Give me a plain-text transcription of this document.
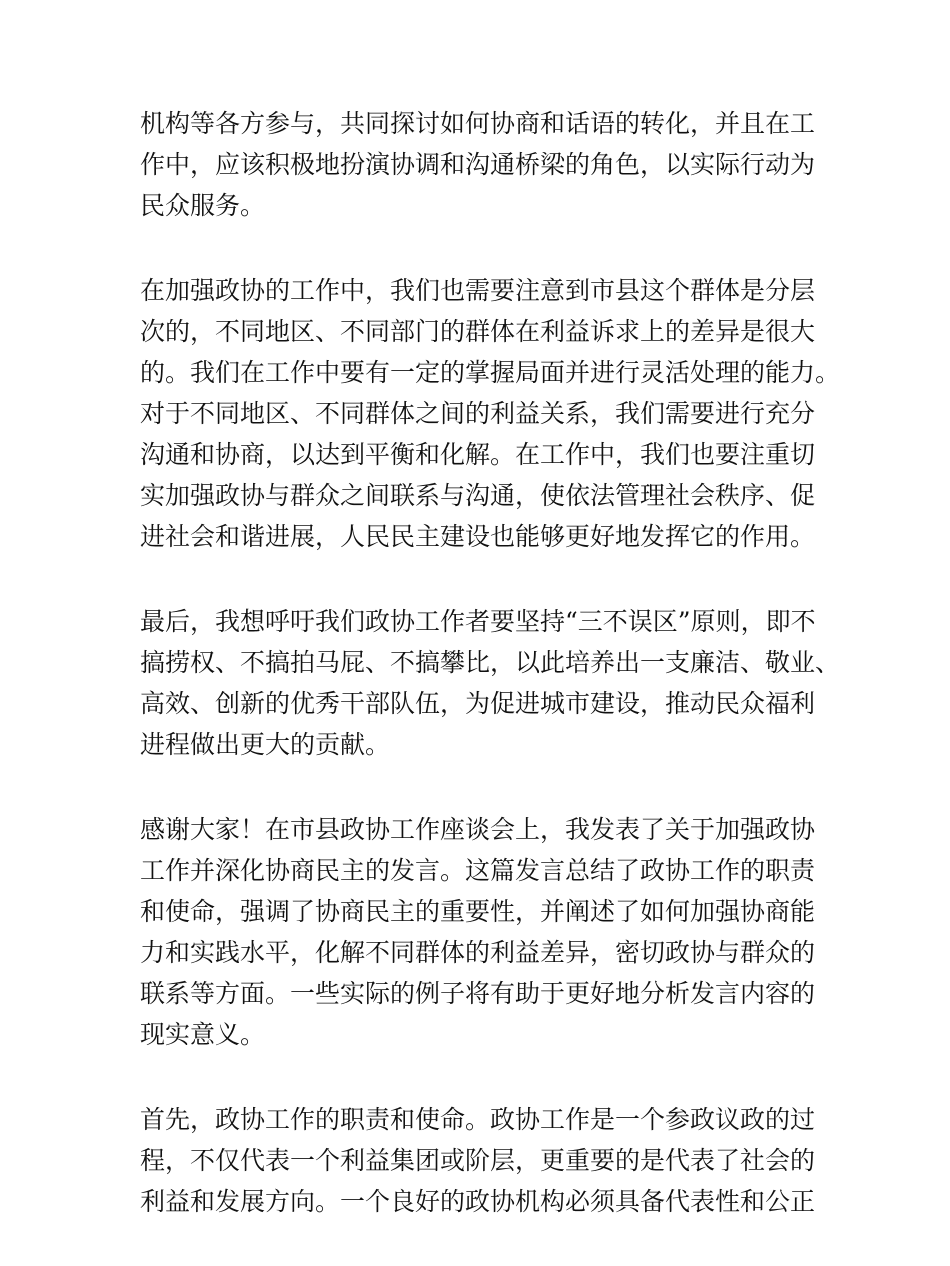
机构等各方参与，共同探讨如何协商和话语的转化，并且在工
作中，应该积极地扮演协调和沟通桥梁的角色，以实际行动为
民众服务。

在加强政协的工作中，我们也需要注意到市县这个群体是分层
次的，不同地区、不同部门的群体在利益诉求上的差异是很大
的。我们在工作中要有一定的掌握局面并进行灵活处理的能力。
对于不同地区、不同群体之间的利益关系，我们需要进行充分
沟通和协商，以达到平衡和化解。在工作中，我们也要注重切
实加强政协与群众之间联系与沟通，使依法管理社会秩序、促
进社会和谐进展，人民民主建设也能够更好地发挥它的作用。

最后，我想呼吁我们政协工作者要坚持“三不误区”原则，即不
搞捞权、不搞拍马屁、不搞攀比，以此培养出一支廉洁、敬业、
高效、创新的优秀干部队伍，为促进城市建设，推动民众福利
进程做出更大的贡献。

感谢大家！在市县政协工作座谈会上，我发表了关于加强政协
工作并深化协商民主的发言。这篇发言总结了政协工作的职责
和使命，强调了协商民主的重要性，并阐述了如何加强协商能
力和实践水平，化解不同群体的利益差异，密切政协与群众的
联系等方面。一些实际的例子将有助于更好地分析发言内容的
现实意义。

首先，政协工作的职责和使命。政协工作是一个参政议政的过
程，不仅代表一个利益集团或阶层，更重要的是代表了社会的
利益和发展方向。一个良好的政协机构必须具备代表性和公正
